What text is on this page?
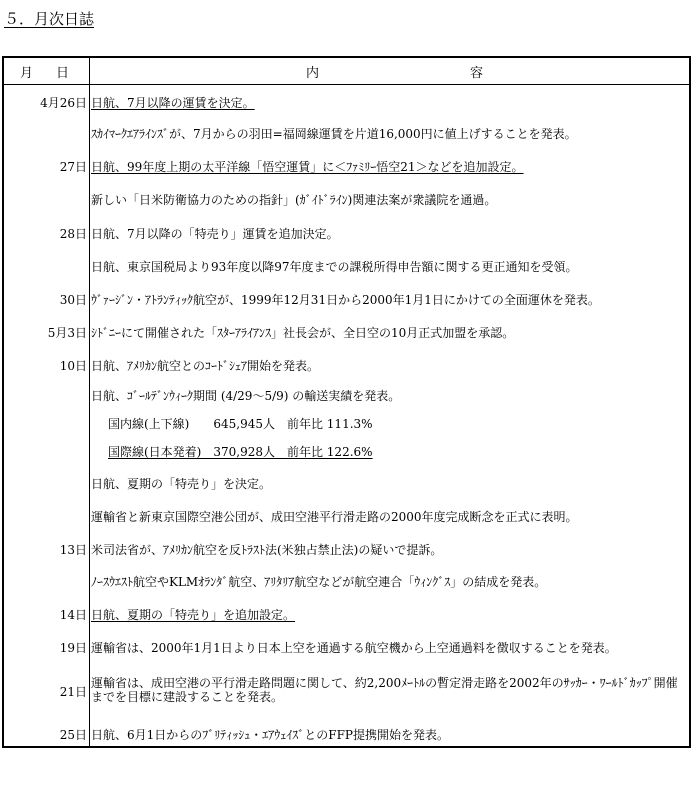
５．月次日誌
月 日	内	容
4月26日 日航、7月以降の運賃を決定。
ｽｶｲﾏｰｸｴｱﾗｲﾝｽﾞが、7月からの羽田=福岡線運賃を片道16,000円に値上げすることを発表。
27日 日航、99年度上期の太平洋線「悟空運賃」に＜ﾌｧﾐﾘｰ悟空21＞などを追加設定。
新しい「日米防衛協力のための指針」(ｶﾞｲﾄﾞﾗｲﾝ)関連法案が衆議院を通過。
28日 日航、7月以降の「特売り」運賃を追加決定。
日航、東京国税局より93年度以降97年度までの課税所得申告額に関する更正通知を受領。
30日 ｳﾞｧｰｼﾞﾝ・ｱﾄﾗﾝﾃｨｯｸ航空が、1999年12月31日から2000年1月1日にかけての全面運休を発表。
5月3日 ｼﾄﾞﾆｰにて開催された「ｽﾀｰｱﾗｲｱﾝｽ」社長会が、全日空の10月正式加盟を承認。
10日 日航、ｱﾒﾘｶﾝ航空とのｺｰﾄﾞｼｪｱ開始を発表。
日航、ｺﾞｰﾙﾃﾞﾝｳｨｰｸ期間 (4/29～5/9) の輸送実績を発表。
国内線(上下線)　　645,945人　前年比 111.3%
国際線(日本発着)　370,928人　前年比 122.6%
日航、夏期の「特売り」を決定。
運輸省と新東京国際空港公団が、成田空港平行滑走路の2000年度完成断念を正式に表明。
13日 米司法省が、ｱﾒﾘｶﾝ航空を反ﾄﾗｽﾄ法(米独占禁止法)の疑いで提訴。
ﾉｰｽｳｴｽﾄ航空やKLMｵﾗﾝﾀﾞ航空、ｱﾘﾀﾘｱ航空などが航空連合「ｳｨﾝｸﾞｽ」の結成を発表。
14日 日航、夏期の「特売り」を追加設定。
19日 運輸省は、2000年1月1日より日本上空を通過する航空機から上空通過料を徴収することを発表。
21日
運輸省は、成田空港の平行滑走路問題に関して、約2,200ﾒｰﾄﾙの暫定滑走路を2002年のｻｯｶｰ・ﾜｰﾙﾄﾞｶｯﾌﾟ開催までを目標に建設することを発表。
25日 日航、6月1日からのﾌﾞﾘﾃｨｯｼｭ・ｴｱｳｪｲｽﾞとのFFP提携開始を発表。
